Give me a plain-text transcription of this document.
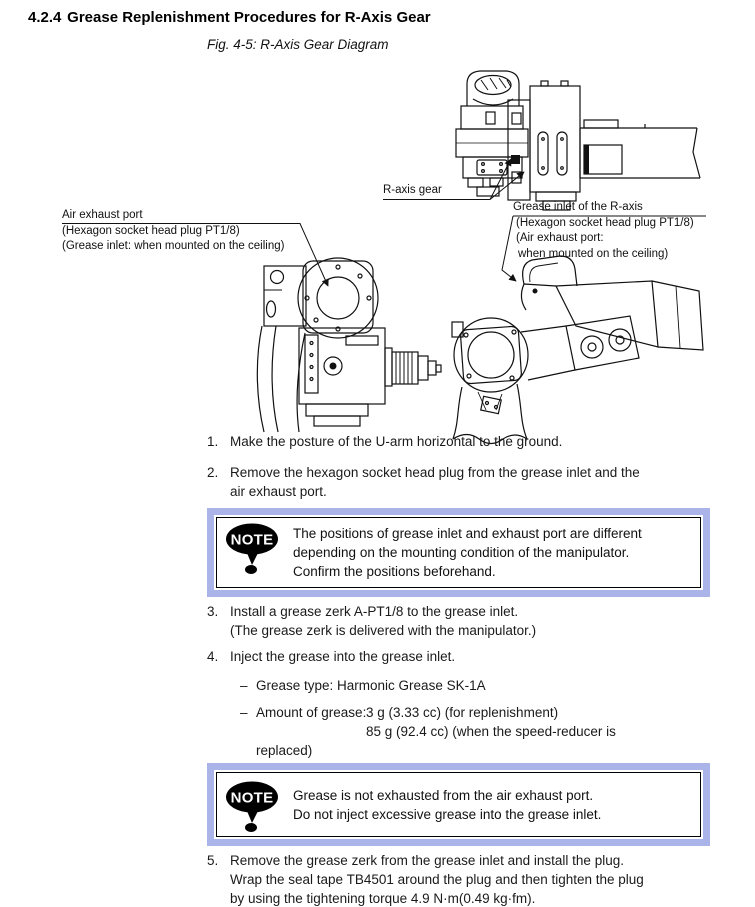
4.2.4 Grease Replenishment Procedures for R-Axis Gear
Fig. 4-5: R-Axis Gear Diagram
R-axis gear
Air exhaust port
(Hexagon socket head plug PT1/8)
(Grease inlet: when mounted on the ceiling)
Grease inlet of the R-axis
(Hexagon socket head plug PT1/8)
(Air exhaust port:
when mounted on the ceiling)
1. Make the posture of the U-arm horizontal to the ground.
2. Remove the hexagon socket head plug from the grease inlet and the
air exhaust port.
NOTE The positions of grease inlet and exhaust port are different
depending on the mounting condition of the manipulator.
Confirm the positions beforehand.
3. Install a grease zerk A-PT1/8 to the grease inlet.
(The grease zerk is delivered with the manipulator.)
4. Inject the grease into the grease inlet.
– Grease type: Harmonic Grease SK-1A
– Amount of grease: 3 g (3.33 cc) (for replenishment)
85 g (92.4 cc) (when the speed-reducer is
replaced)
NOTE Grease is not exhausted from the air exhaust port.
Do not inject excessive grease into the grease inlet.
5. Remove the grease zerk from the grease inlet and install the plug.
Wrap the seal tape TB4501 around the plug and then tighten the plug
by using the tightening torque 4.9 N·m(0.49 kg·fm).
